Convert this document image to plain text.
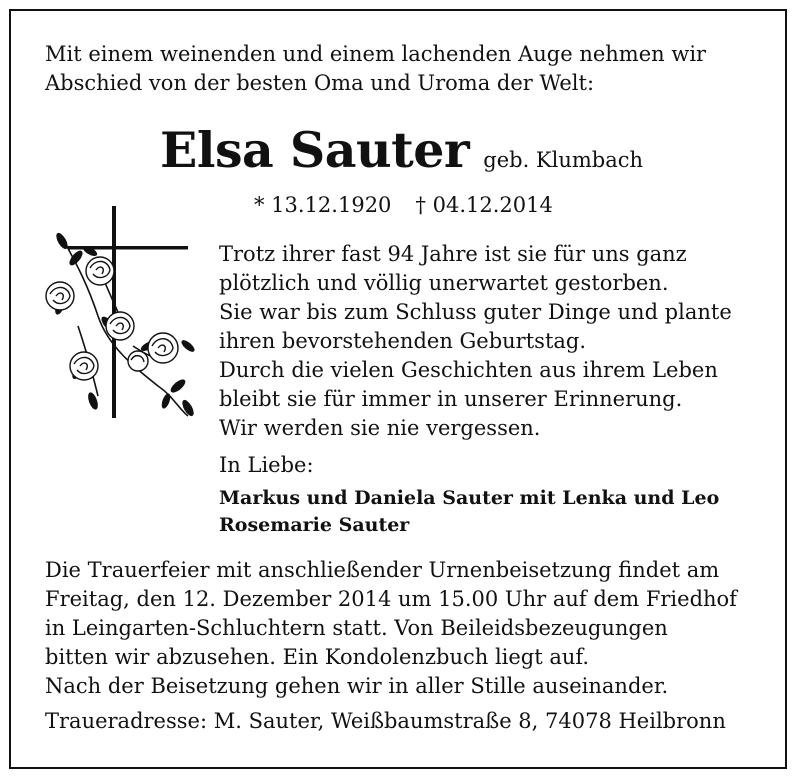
Mit einem weinenden und einem lachenden Auge nehmen wir
Abschied von der besten Oma und Uroma der Welt:
Elsa Sauter geb. Klumbach
* 13.12.1920 † 04.12.2014
Trotz ihrer fast 94 Jahre ist sie für uns ganz
plötzlich und völlig unerwartet gestorben.
Sie war bis zum Schluss guter Dinge und plante
ihren bevorstehenden Geburtstag.
Durch die vielen Geschichten aus ihrem Leben
bleibt sie für immer in unserer Erinnerung.
Wir werden sie nie vergessen.
In Liebe:
Markus und Daniela Sauter mit Lenka und Leo
Rosemarie Sauter
Die Trauerfeier mit anschließender Urnenbeisetzung findet am
Freitag, den 12. Dezember 2014 um 15.00 Uhr auf dem Friedhof
in Leingarten-Schluchtern statt. Von Beileidsbezeugungen
bitten wir abzusehen. Ein Kondolenzbuch liegt auf.
Nach der Beisetzung gehen wir in aller Stille auseinander.
Traueradresse: M. Sauter, Weißbaumstraße 8, 74078 Heilbronn
